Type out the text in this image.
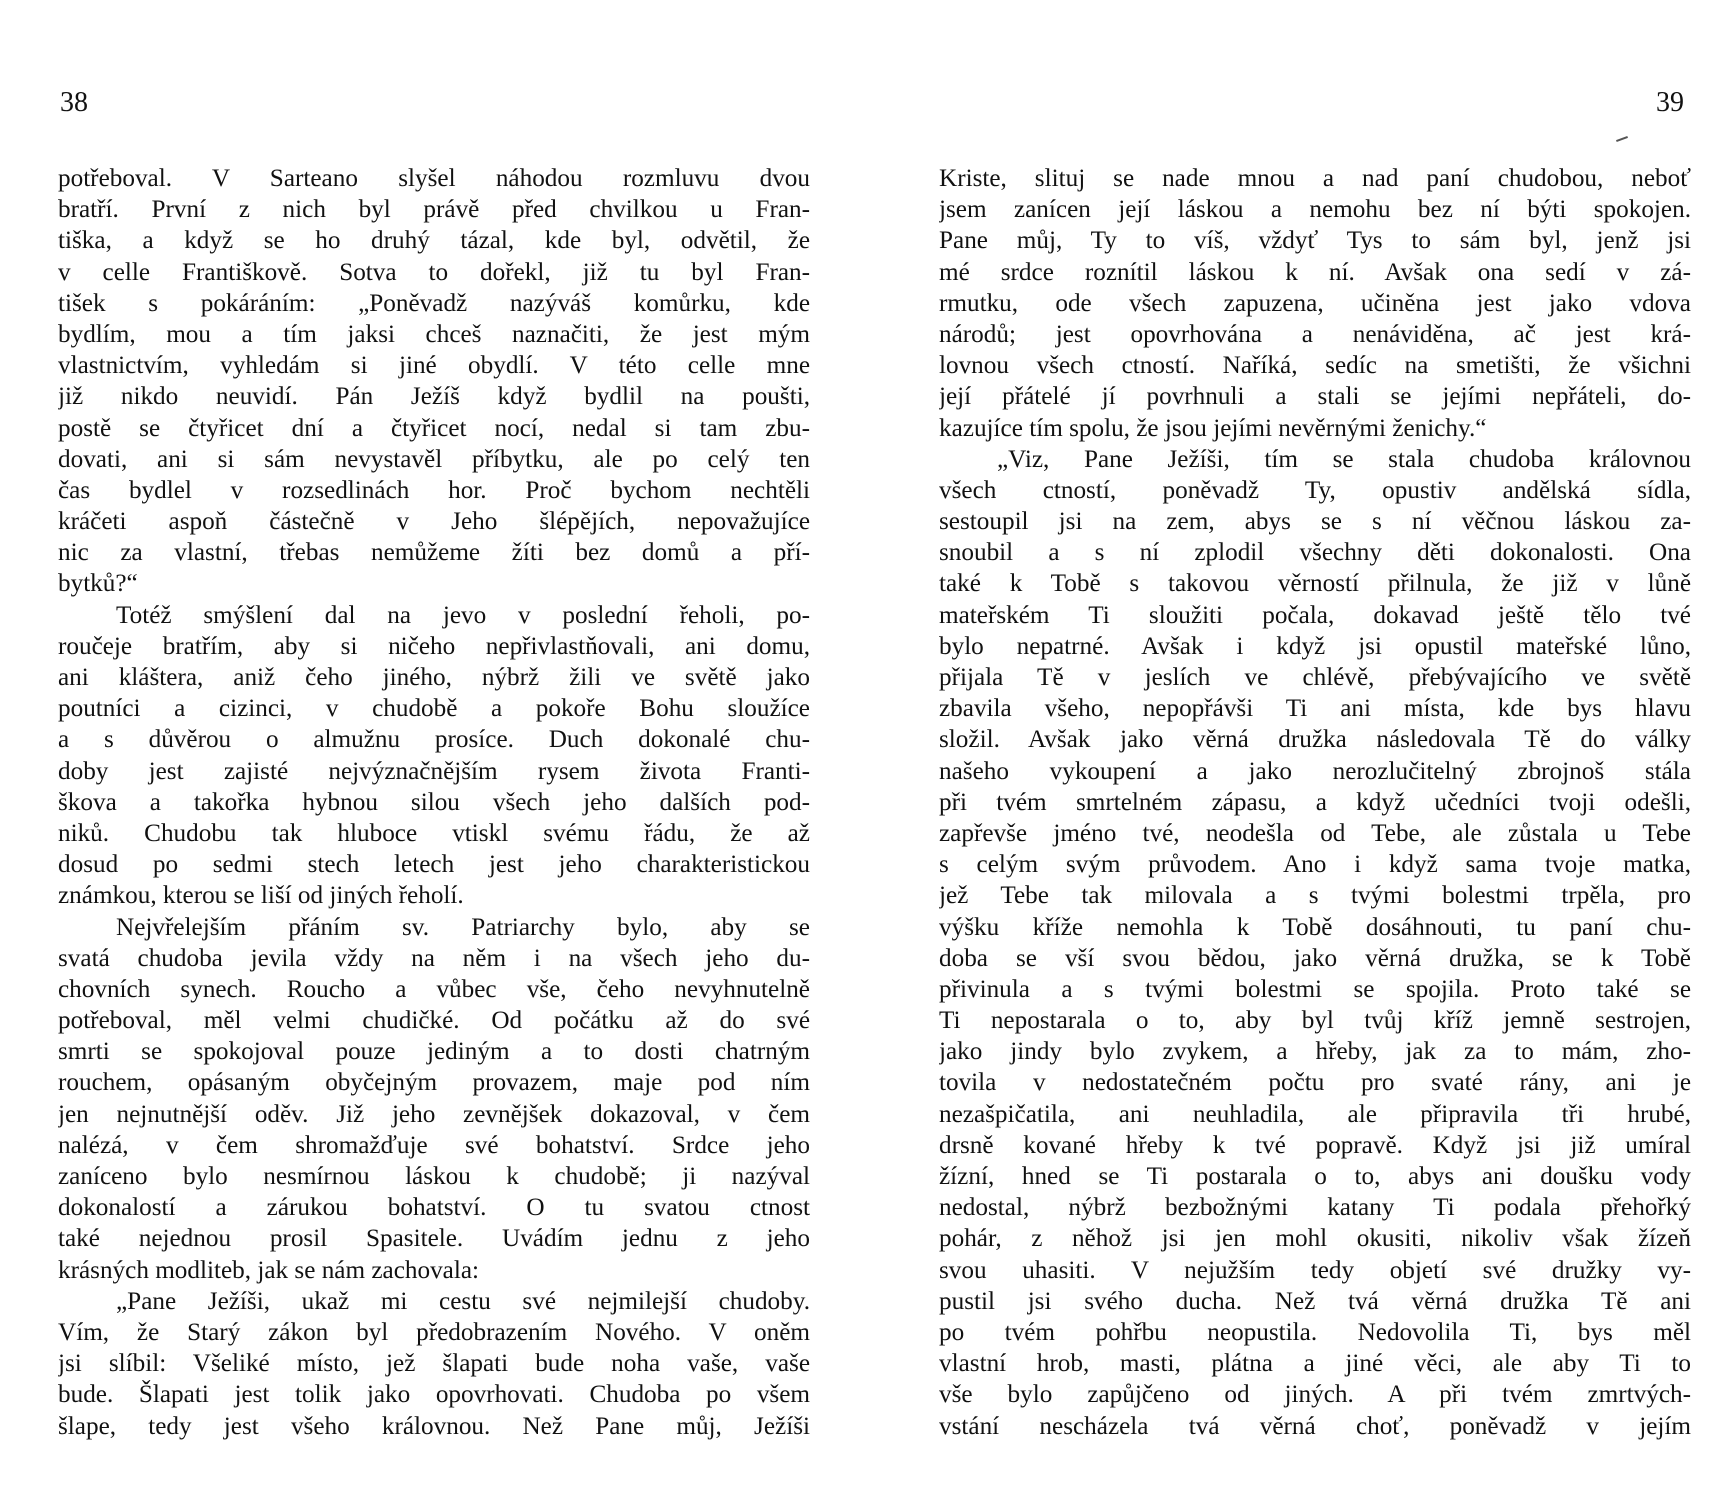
38
potřeboval. V Sarteano slyšel náhodou rozmluvu dvou
bratří. První z nich byl právě před chvilkou u Fran-
tiška, a když se ho druhý tázal, kde byl, odvětil, že
v celle Františkově. Sotva to dořekl, již tu byl Fran-
tišek s pokáráním: „Poněvadž nazýváš komůrku, kde
bydlím, mou a tím jaksi chceš naznačiti, že jest mým
vlastnictvím, vyhledám si jiné obydlí. V této celle mne
již nikdo neuvidí. Pán Ježíš když bydlil na poušti,
postě se čtyřicet dní a čtyřicet nocí, nedal si tam zbu-
dovati, ani si sám nevystavěl příbytku, ale po celý ten
čas bydlel v rozsedlinách hor. Proč bychom nechtěli
kráčeti aspoň částečně v Jeho šlépějích, nepovažujíce
nic za vlastní, třebas nemůžeme žíti bez domů a pří-
bytků?“
Totéž smýšlení dal na jevo v poslední řeholi, po-
roučeje bratřím, aby si ničeho nepřivlastňovali, ani domu,
ani kláštera, aniž čeho jiného, nýbrž žili ve světě jako
poutníci a cizinci, v chudobě a pokoře Bohu sloužíce
a s důvěrou o almužnu prosíce. Duch dokonalé chu-
doby jest zajisté nejvýznačnějším rysem života Franti-
škova a takořka hybnou silou všech jeho dalších pod-
niků. Chudobu tak hluboce vtiskl svému řádu, že až
dosud po sedmi stech letech jest jeho charakteristickou
známkou, kterou se liší od jiných řeholí.
Nejvřelejším přáním sv. Patriarchy bylo, aby se
svatá chudoba jevila vždy na něm i na všech jeho du-
chovních synech. Roucho a vůbec vše, čeho nevyhnutelně
potřeboval, měl velmi chudičké. Od počátku až do své
smrti se spokojoval pouze jediným a to dosti chatrným
rouchem, opásaným obyčejným provazem, maje pod ním
jen nejnutnější oděv. Již jeho zevnějšek dokazoval, v čem
nalézá, v čem shromažďuje své bohatství. Srdce jeho
zaníceno bylo nesmírnou láskou k chudobě; ji nazýval
dokonalostí a zárukou bohatství. O tu svatou ctnost
také nejednou prosil Spasitele. Uvádím jednu z jeho
krásných modliteb, jak se nám zachovala:
„Pane Ježíši, ukaž mi cestu své nejmilejší chudoby.
Vím, že Starý zákon byl předobrazením Nového. V oněm
jsi slíbil: Všeliké místo, jež šlapati bude noha vaše, vaše
bude. Šlapati jest tolik jako opovrhovati. Chudoba po všem
šlape, tedy jest všeho královnou. Než Pane můj, Ježíši
39
Kriste, slituj se nade mnou a nad paní chudobou, neboť
jsem zanícen její láskou a nemohu bez ní býti spokojen.
Pane můj, Ty to víš, vždyť Tys to sám byl, jenž jsi
mé srdce roznítil láskou k ní. Avšak ona sedí v zá-
rmutku, ode všech zapuzena, učiněna jest jako vdova
národů; jest opovrhována a nenáviděna, ač jest krá-
lovnou všech ctností. Naříká, sedíc na smetišti, že všichni
její přátelé jí povrhnuli a stali se jejími nepřáteli, do-
kazujíce tím spolu, že jsou jejími nevěrnými ženichy.“
„Viz, Pane Ježíši, tím se stala chudoba královnou
všech ctností, poněvadž Ty, opustiv andělská sídla,
sestoupil jsi na zem, abys se s ní věčnou láskou za-
snoubil a s ní zplodil všechny děti dokonalosti. Ona
také k Tobě s takovou věrností přilnula, že již v lůně
mateřském Ti sloužiti počala, dokavad ještě tělo tvé
bylo nepatrné. Avšak i když jsi opustil mateřské lůno,
přijala Tě v jeslích ve chlévě, přebývajícího ve světě
zbavila všeho, nepopřávši Ti ani místa, kde bys hlavu
složil. Avšak jako věrná družka následovala Tě do války
našeho vykoupení a jako nerozlučitelný zbrojnoš stála
při tvém smrtelném zápasu, a když učedníci tvoji odešli,
zapřevše jméno tvé, neodešla od Tebe, ale zůstala u Tebe
s celým svým průvodem. Ano i když sama tvoje matka,
jež Tebe tak milovala a s tvými bolestmi trpěla, pro
výšku kříže nemohla k Tobě dosáhnouti, tu paní chu-
doba se vší svou bědou, jako věrná družka, se k Tobě
přivinula a s tvými bolestmi se spojila. Proto také se
Ti nepostarala o to, aby byl tvůj kříž jemně sestrojen,
jako jindy bylo zvykem, a hřeby, jak za to mám, zho-
tovila v nedostatečném počtu pro svaté rány, ani je
nezašpičatila, ani neuhladila, ale připravila tři hrubé,
drsně kované hřeby k tvé popravě. Když jsi již umíral
žízní, hned se Ti postarala o to, abys ani doušku vody
nedostal, nýbrž bezbožnými katany Ti podala přehořký
pohár, z něhož jsi jen mohl okusiti, nikoliv však žízeň
svou uhasiti. V nejužším tedy objetí své družky vy-
pustil jsi svého ducha. Než tvá věrná družka Tě ani
po tvém pohřbu neopustila. Nedovolila Ti, bys měl
vlastní hrob, masti, plátna a jiné věci, ale aby Ti to
vše bylo zapůjčeno od jiných. A při tvém zmrtvých-
vstání nescházela tvá věrná choť, poněvadž v jejím
